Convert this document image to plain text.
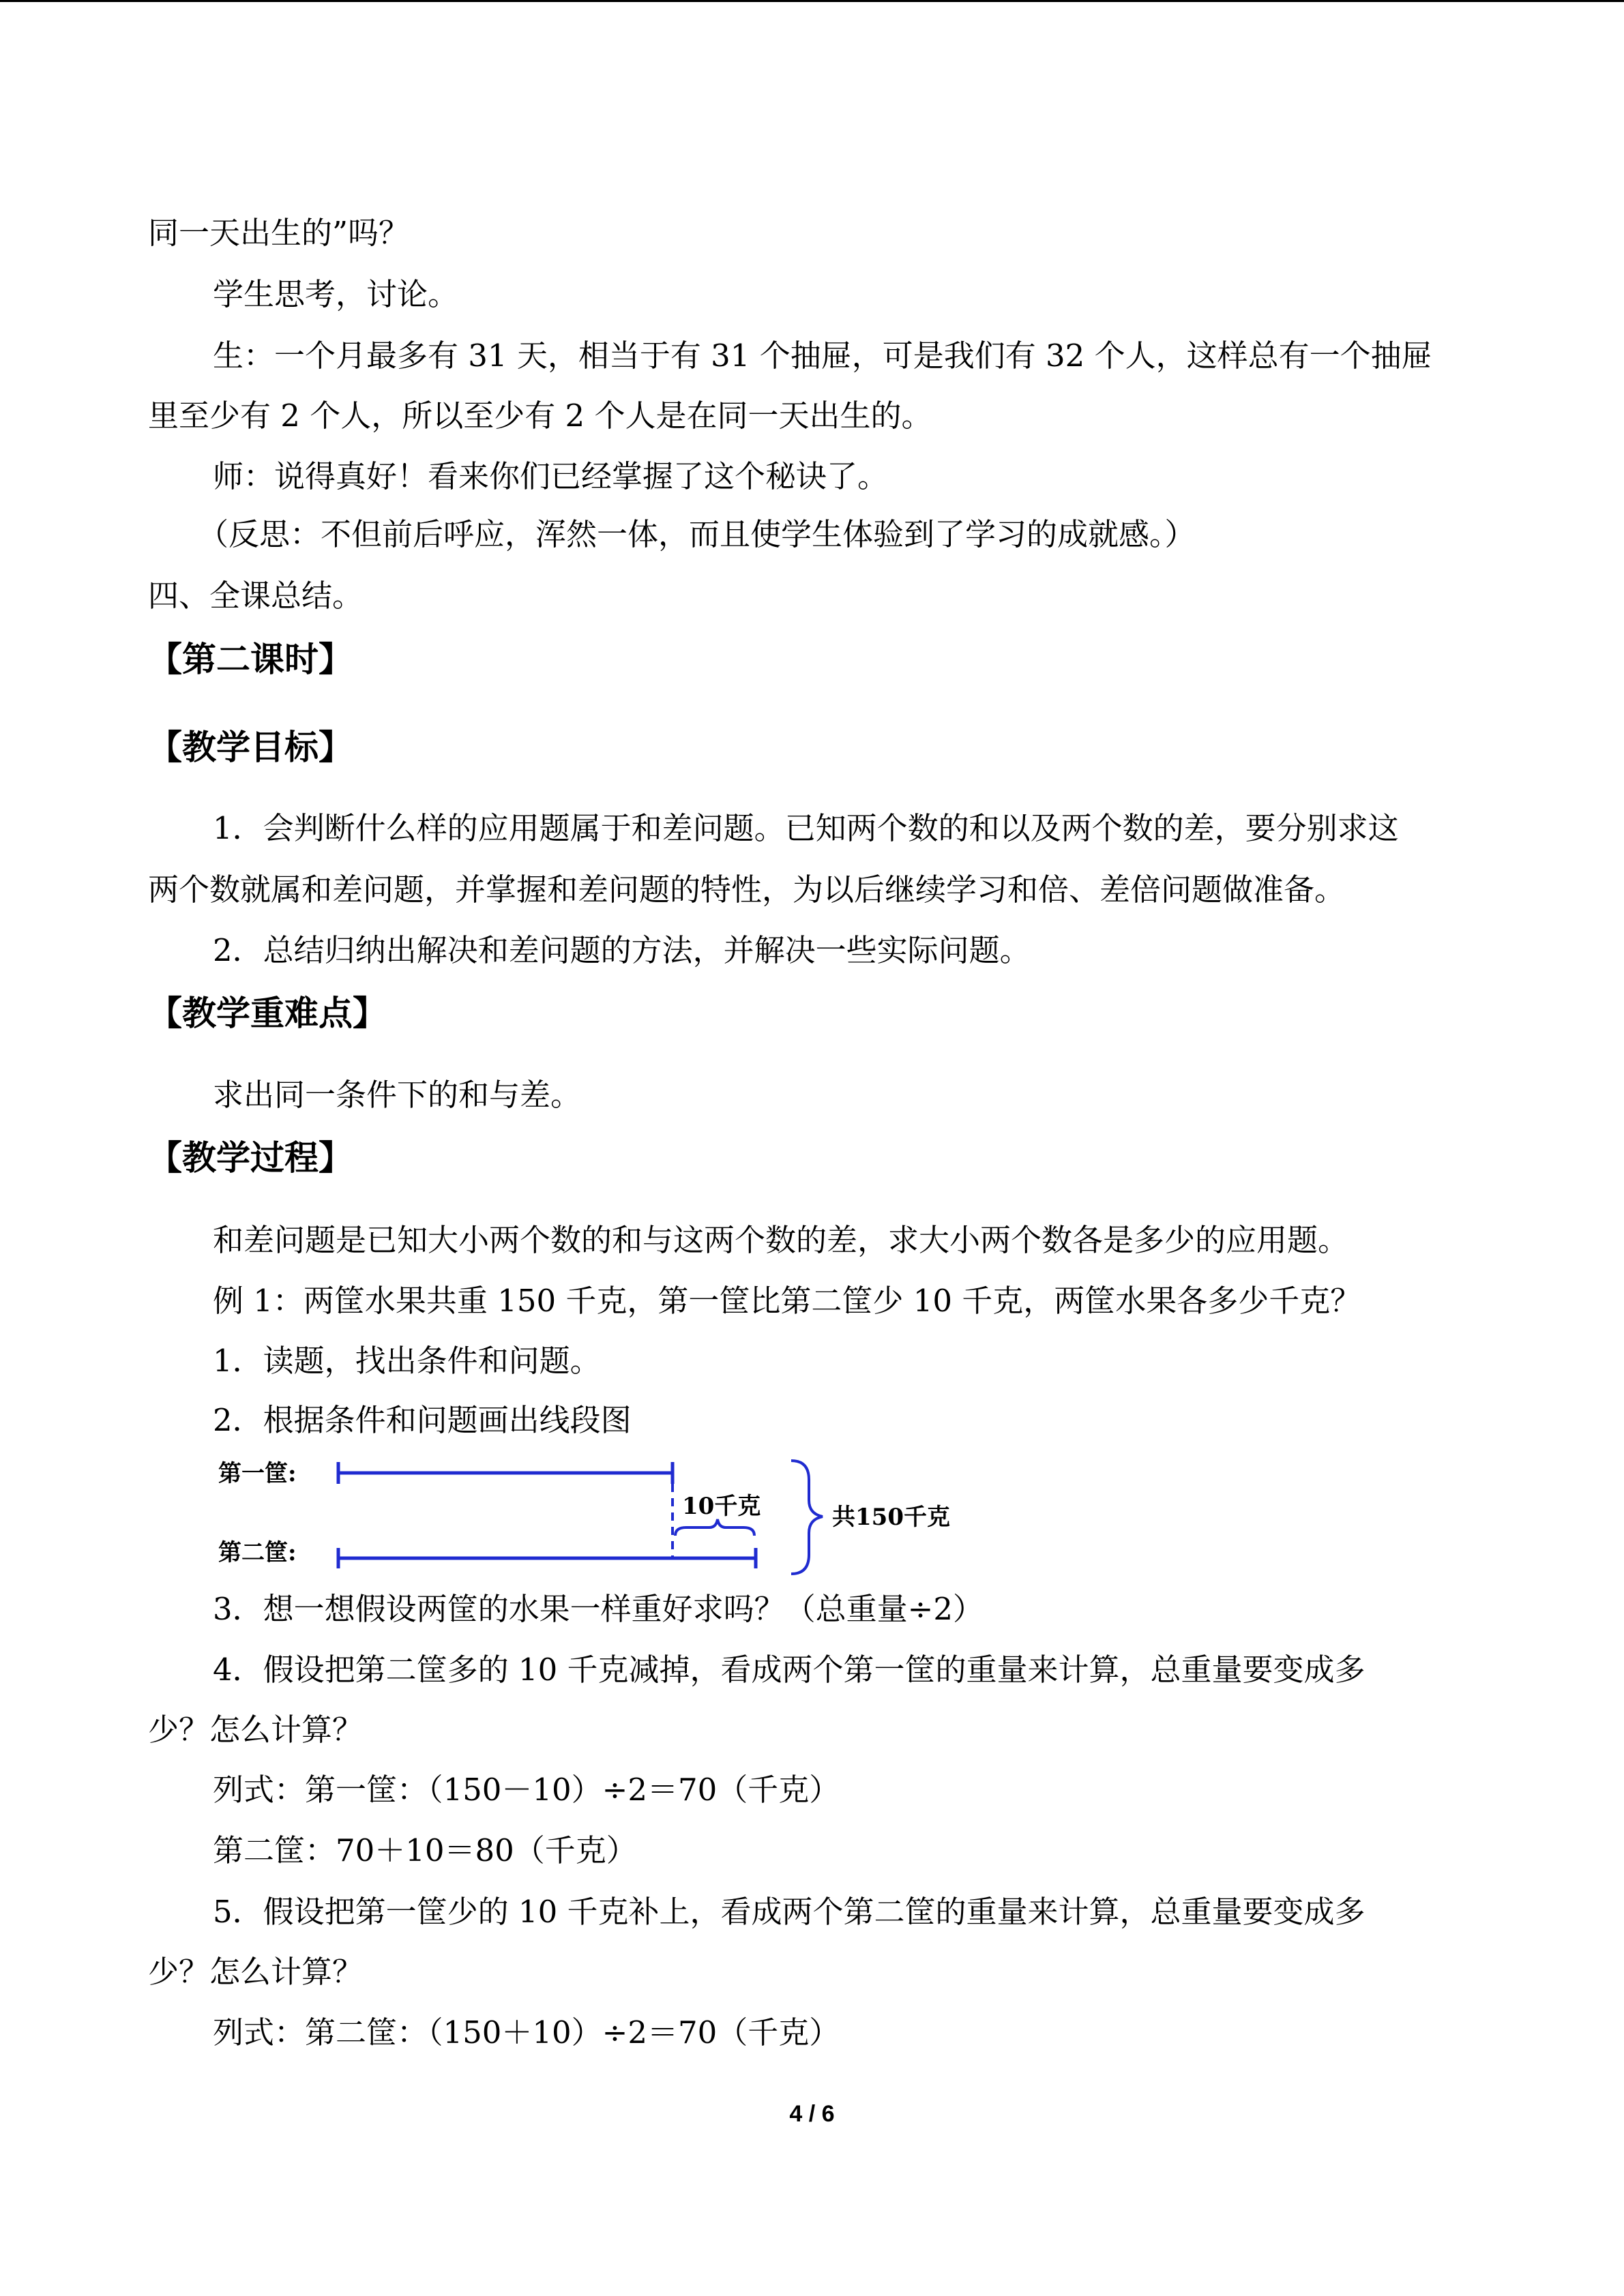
同一天出生的”吗？
学生思考，讨论。
生：一个月最多有 31 天，相当于有 31 个抽屉，可是我们有 32 个人，这样总有一个抽屉
里至少有 2 个人，所以至少有 2 个人是在同一天出生的。
师：说得真好！看来你们已经掌握了这个秘诀了。
（反思：不但前后呼应，浑然一体，而且使学生体验到了学习的成就感。）
四、全课总结。
【第二课时】
【教学目标】
1．会判断什么样的应用题属于和差问题。已知两个数的和以及两个数的差，要分别求这
两个数就属和差问题，并掌握和差问题的特性，为以后继续学习和倍、差倍问题做准备。
2．总结归纳出解决和差问题的方法，并解决一些实际问题。
【教学重难点】
求出同一条件下的和与差。
【教学过程】
和差问题是已知大小两个数的和与这两个数的差，求大小两个数各是多少的应用题。
例 1：两筐水果共重 150 千克，第一筐比第二筐少 10 千克，两筐水果各多少千克？
1．读题，找出条件和问题。
2．根据条件和问题画出线段图
第一筐:
第二筐:
10千克	共150千克
3．想一想假设两筐的水果一样重好求吗？（总重量÷2）
4．假设把第二筐多的 10 千克减掉，看成两个第一筐的重量来计算，总重量要变成多
少？怎么计算？
列式：第一筐：（150－10）÷2＝70（千克）
第二筐：70＋10＝80（千克）
5．假设把第一筐少的 10 千克补上，看成两个第二筐的重量来计算，总重量要变成多
少？怎么计算？
列式：第二筐：（150＋10）÷2＝70（千克）
4 / 6
